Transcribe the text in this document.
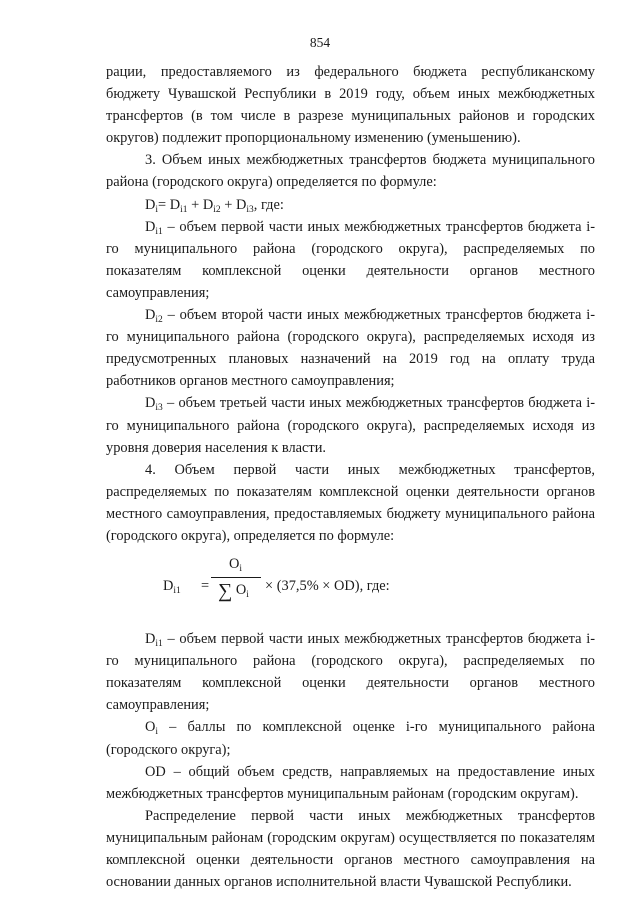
854

рации, предоставляемого из федерального бюджета республиканскому бюджету Чувашской Республики в 2019 году, объем иных межбюджетных трансфертов (в том числе в разрезе муниципальных районов и городских округов) подлежит пропорциональному изменению (уменьшению).

3. Объем иных межбюджетных трансфертов бюджета муниципального района (городского округа) определяется по формуле:

$D_i= D_{i1} + D_{i2} + D_{i3}$, где:

$D_{i1}$ – объем первой части иных межбюджетных трансфертов бюджета i-го муниципального района (городского округа), распределяемых по показателям комплексной оценки деятельности органов местного самоуправления;

$D_{i2}$ – объем второй части иных межбюджетных трансфертов бюджета i-го муниципального района (городского округа), распределяемых исходя из предусмотренных плановых назначений на 2019 год на оплату труда работников органов местного самоуправления;

$D_{i3}$ – объем третьей части иных межбюджетных трансфертов бюджета i-го муниципального района (городского округа), распределяемых исходя из уровня доверия населения к власти.

4. Объем первой части иных межбюджетных трансфертов, распределяемых по показателям комплексной оценки деятельности органов местного самоуправления, предоставляемых бюджету муниципального района (городского округа), определяется по формуле:

$D_{i1}$ =
$O_i$
∑ $O_i$
× (37,5% × OD), где:

$D_{i1}$ – объем первой части иных межбюджетных трансфертов бюджета i-го муниципального района (городского округа), распределяемых по показателям комплексной оценки деятельности органов местного самоуправления;

$O_i$ – баллы по комплексной оценке i-го муниципального района (городского округа);

OD – общий объем средств, направляемых на предоставление иных межбюджетных трансфертов муниципальным районам (городским округам).

Распределение первой части иных межбюджетных трансфертов муниципальным районам (городским округам) осуществляется по показателям комплексной оценки деятельности органов местного самоуправления на основании данных органов исполнительной власти Чувашской Республики.
